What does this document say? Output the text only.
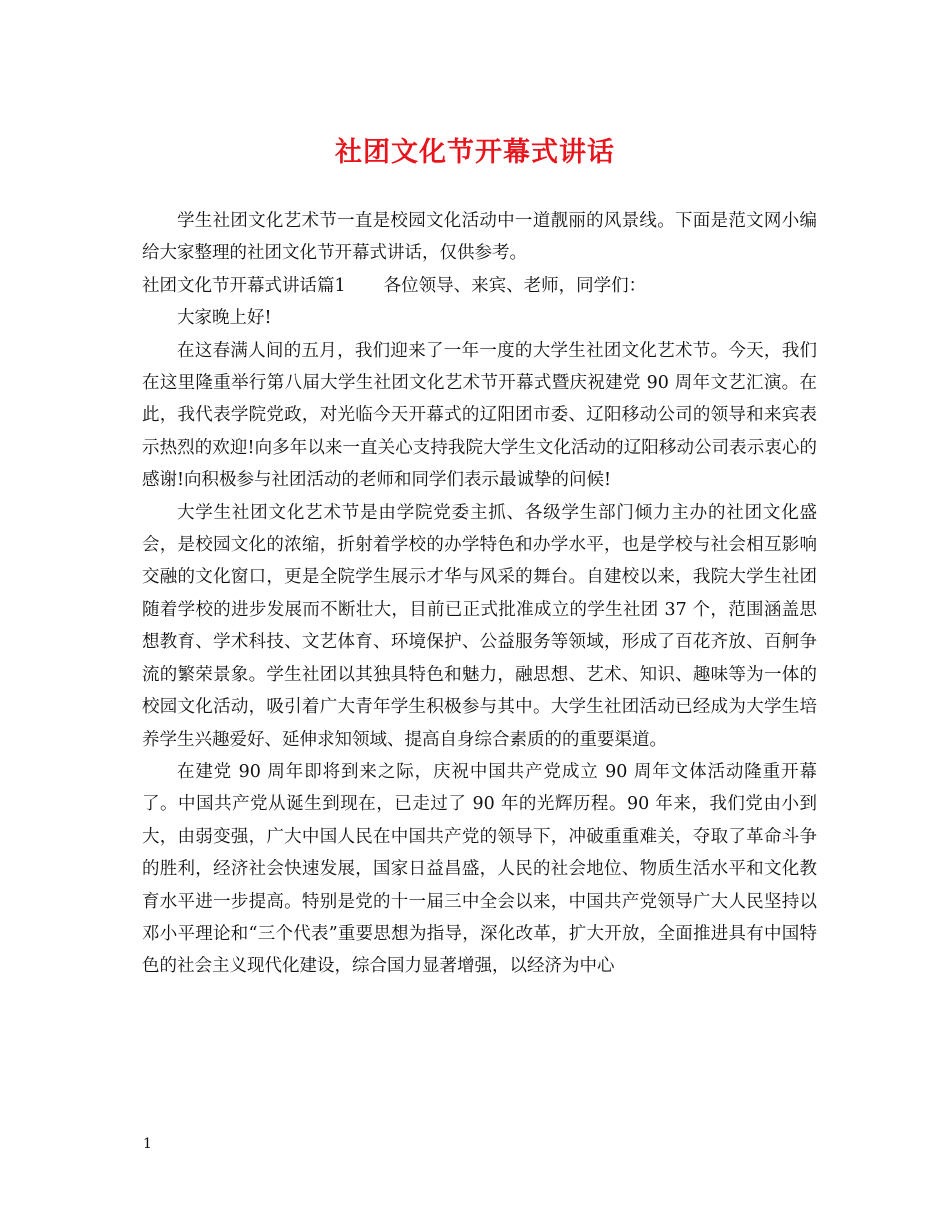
社团文化节开幕式讲话

学生社团文化艺术节一直是校园文化活动中一道靓丽的风景线。下面是范文网小编给大家整理的社团文化节开幕式讲话，仅供参考。

社团文化节开幕式讲话篇1 各位领导、来宾、老师，同学们：

大家晚上好!

在这春满人间的五月，我们迎来了一年一度的大学生社团文化艺术节。今天，我们在这里隆重举行第八届大学生社团文化艺术节开幕式暨庆祝建党 90 周年文艺汇演。在此，我代表学院党政，对光临今天开幕式的辽阳团市委、辽阳移动公司的领导和来宾表示热烈的欢迎!向多年以来一直关心支持我院大学生文化活动的辽阳移动公司表示衷心的感谢!向积极参与社团活动的老师和同学们表示最诚挚的问候!

大学生社团文化艺术节是由学院党委主抓、各级学生部门倾力主办的社团文化盛会，是校园文化的浓缩，折射着学校的办学特色和办学水平，也是学校与社会相互影响交融的文化窗口，更是全院学生展示才华与风采的舞台。自建校以来，我院大学生社团随着学校的进步发展而不断壮大，目前已正式批准成立的学生社团 37 个，范围涵盖思想教育、学术科技、文艺体育、环境保护、公益服务等领域，形成了百花齐放、百舸争流的繁荣景象。学生社团以其独具特色和魅力，融思想、艺术、知识、趣味等为一体的校园文化活动，吸引着广大青年学生积极参与其中。大学生社团活动已经成为大学生培养学生兴趣爱好、延伸求知领域、提高自身综合素质的的重要渠道。

在建党 90 周年即将到来之际，庆祝中国共产党成立 90 周年文体活动隆重开幕了。中国共产党从诞生到现在，已走过了 90 年的光辉历程。90 年来，我们党由小到大，由弱变强，广大中国人民在中国共产党的领导下，冲破重重难关，夺取了革命斗争的胜利，经济社会快速发展，国家日益昌盛，人民的社会地位、物质生活水平和文化教育水平进一步提高。特别是党的十一届三中全会以来，中国共产党领导广大人民坚持以邓小平理论和“三个代表”重要思想为指导，深化改革，扩大开放，全面推进具有中国特色的社会主义现代化建设，综合国力显著增强，以经济为中心

1
